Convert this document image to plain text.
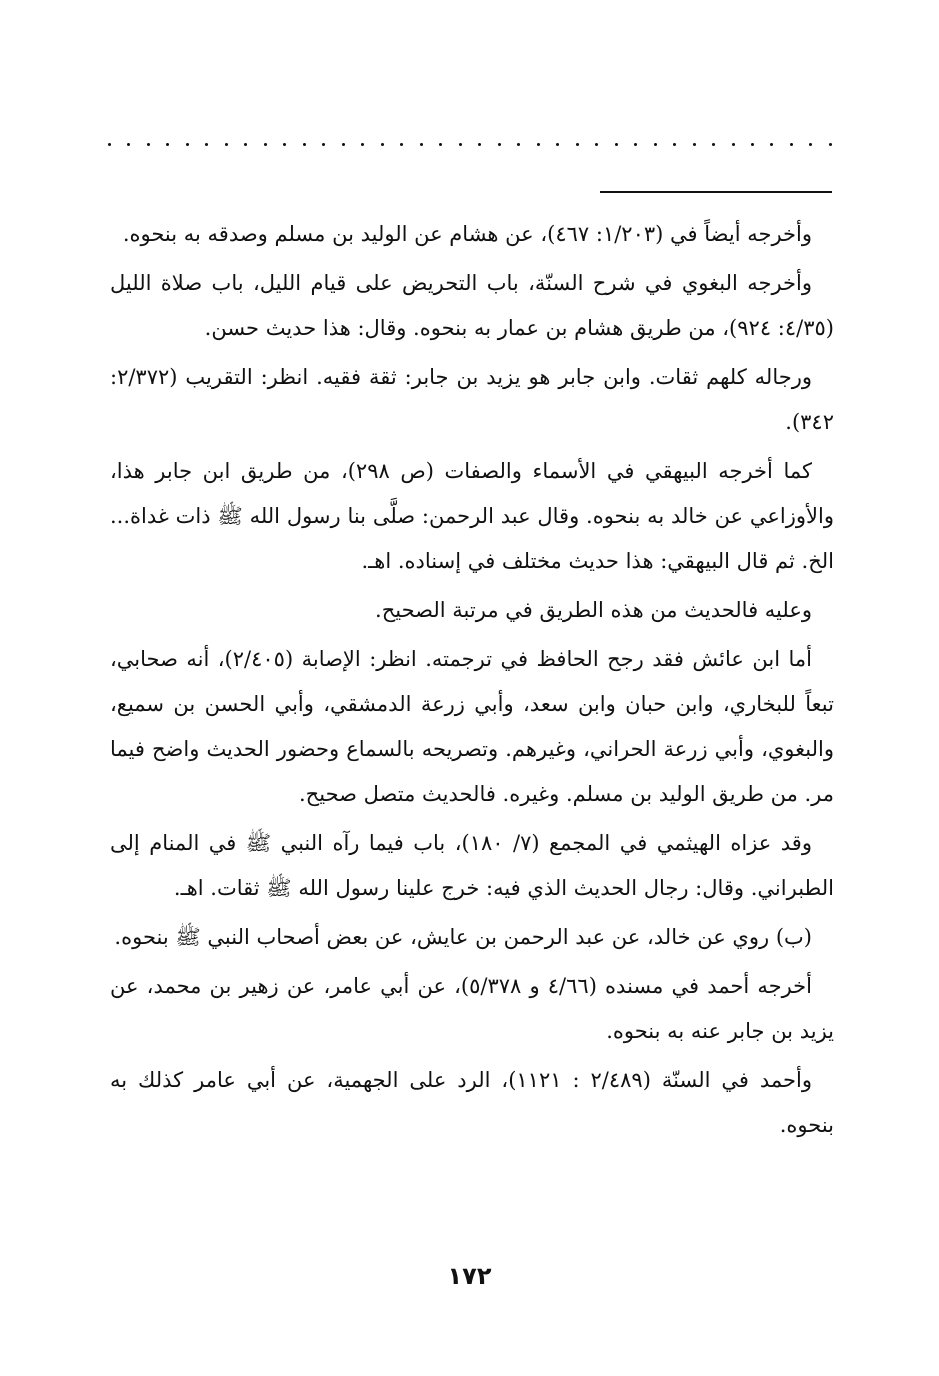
وأخرجه أيضاً في (١/٢٠٣: ٤٦٧)، عن هشام عن الوليد بن مسلم وصدقه به بنحوه.

وأخرجه البغوي في شرح السنّة، باب التحريض على قيام الليل، باب صلاة الليل (٤/٣٥: ٩٢٤)، من طريق هشام بن عمار به بنحوه. وقال: هذا حديث حسن.

ورجاله كلهم ثقات. وابن جابر هو يزيد بن جابر: ثقة فقيه. انظر: التقريب (٢/٣٧٢: ٣٤٢).

كما أخرجه البيهقي في الأسماء والصفات (ص ٢٩٨)، من طريق ابن جابر هذا، والأوزاعي عن خالد به بنحوه. وقال عبد الرحمن: صلَّى بنا رسول الله ﷺ ذات غداة... الخ. ثم قال البيهقي: هذا حديث مختلف في إسناده. اهـ.

وعليه فالحديث من هذه الطريق في مرتبة الصحيح.

أما ابن عائش فقد رجح الحافظ في ترجمته. انظر: الإصابة (٢/٤٠٥)، أنه صحابي، تبعاً للبخاري، وابن حبان وابن سعد، وأبي زرعة الدمشقي، وأبي الحسن بن سميع، والبغوي، وأبي زرعة الحراني، وغيرهم. وتصريحه بالسماع وحضور الحديث واضح فيما مر. من طريق الوليد بن مسلم. وغيره. فالحديث متصل صحيح.

وقد عزاه الهيثمي في المجمع (٧/ ١٨٠)، باب فيما رآه النبي ﷺ في المنام إلى الطبراني. وقال: رجال الحديث الذي فيه: خرج علينا رسول الله ﷺ ثقات. اهـ.

(ب) روي عن خالد، عن عبد الرحمن بن عايش، عن بعض أصحاب النبي ﷺ بنحوه.

أخرجه أحمد في مسنده (٤/٦٦ و ٥/٣٧٨)، عن أبي عامر، عن زهير بن محمد، عن يزيد بن جابر عنه به بنحوه.

وأحمد في السنّة (٢/٤٨٩ : ١١٢١)، الرد على الجهمية، عن أبي عامر كذلك به بنحوه.

١٧٢
